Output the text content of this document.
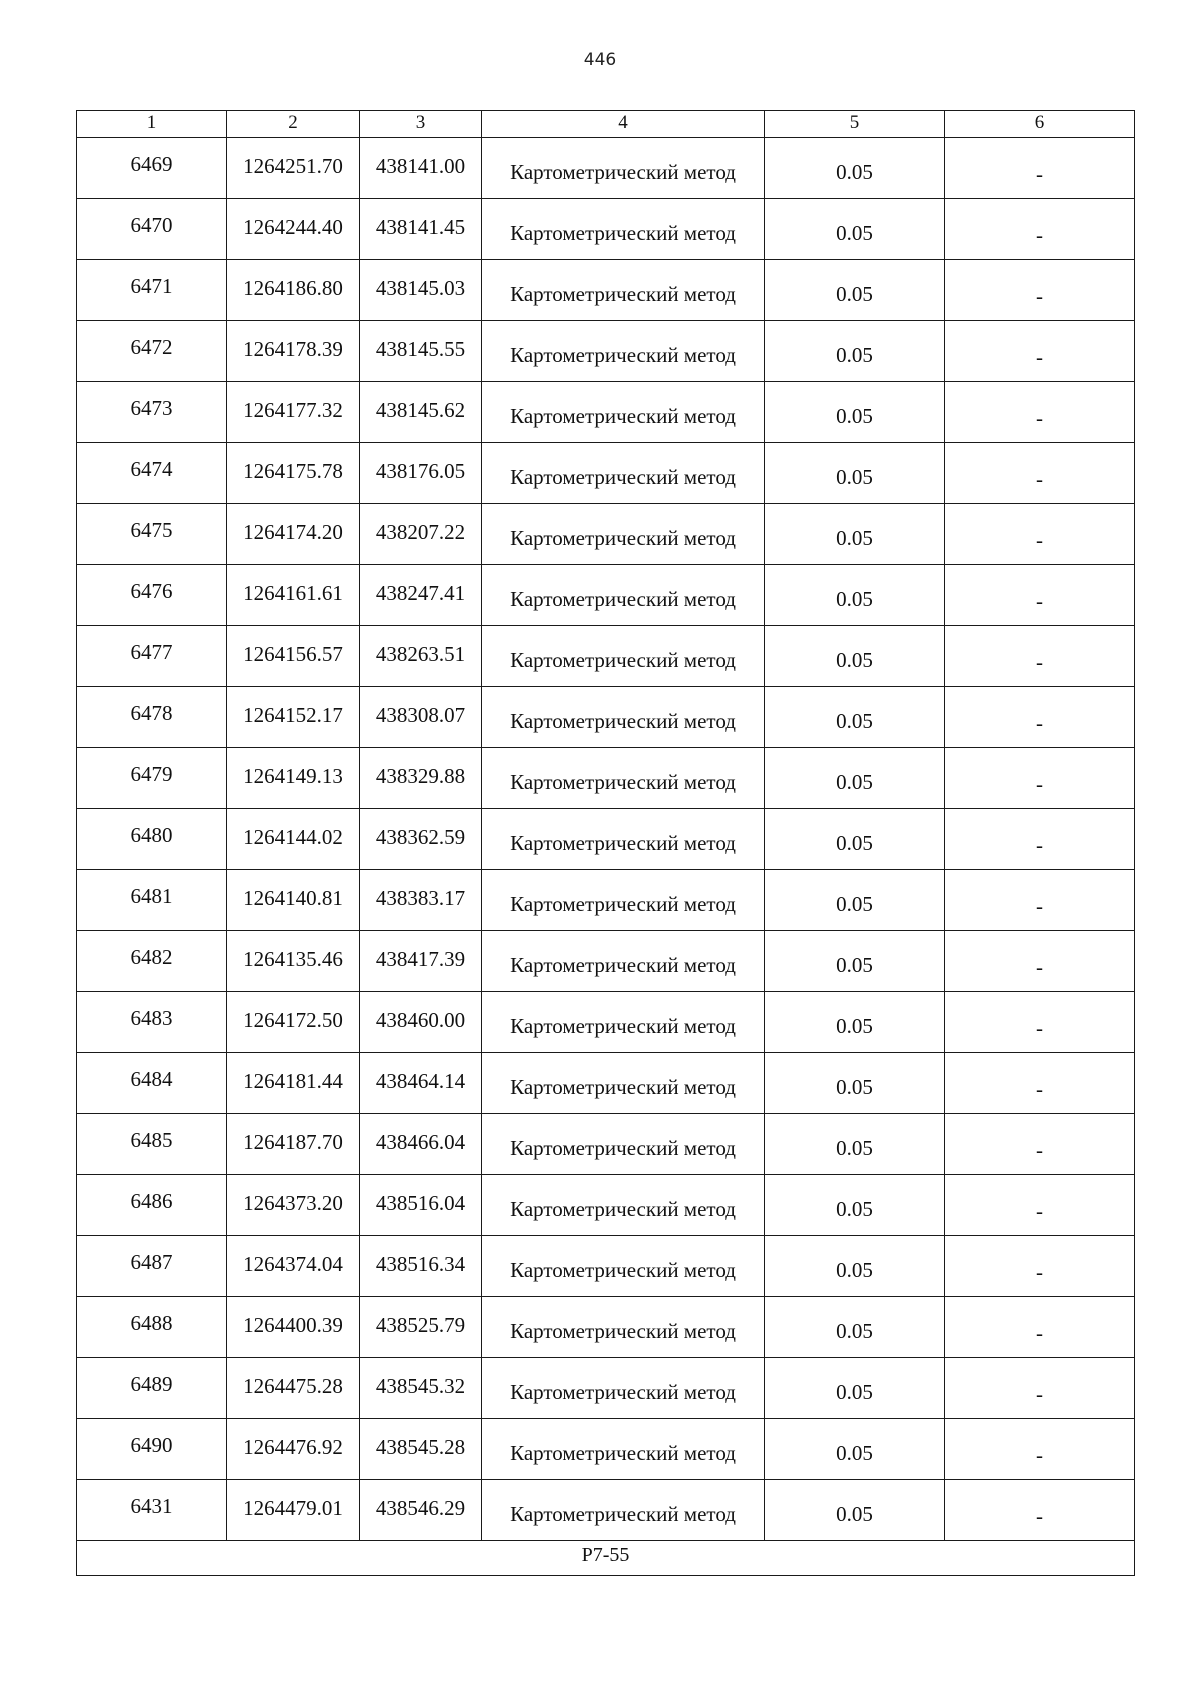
446
1	2	3	4	5	6
6469	1264251.70	438141.00	Картометрический метод	0.05	-
6470	1264244.40	438141.45	Картометрический метод	0.05	-
6471	1264186.80	438145.03	Картометрический метод	0.05	-
6472	1264178.39	438145.55	Картометрический метод	0.05	-
6473	1264177.32	438145.62	Картометрический метод	0.05	-
6474	1264175.78	438176.05	Картометрический метод	0.05	-
6475	1264174.20	438207.22	Картометрический метод	0.05	-
6476	1264161.61	438247.41	Картометрический метод	0.05	-
6477	1264156.57	438263.51	Картометрический метод	0.05	-
6478	1264152.17	438308.07	Картометрический метод	0.05	-
6479	1264149.13	438329.88	Картометрический метод	0.05	-
6480	1264144.02	438362.59	Картометрический метод	0.05	-
6481	1264140.81	438383.17	Картометрический метод	0.05	-
6482	1264135.46	438417.39	Картометрический метод	0.05	-
6483	1264172.50	438460.00	Картометрический метод	0.05	-
6484	1264181.44	438464.14	Картометрический метод	0.05	-
6485	1264187.70	438466.04	Картометрический метод	0.05	-
6486	1264373.20	438516.04	Картометрический метод	0.05	-
6487	1264374.04	438516.34	Картометрический метод	0.05	-
6488	1264400.39	438525.79	Картометрический метод	0.05	-
6489	1264475.28	438545.32	Картометрический метод	0.05	-
6490	1264476.92	438545.28	Картометрический метод	0.05	-
6431	1264479.01	438546.29	Картометрический метод	0.05	-
Р7-55					
